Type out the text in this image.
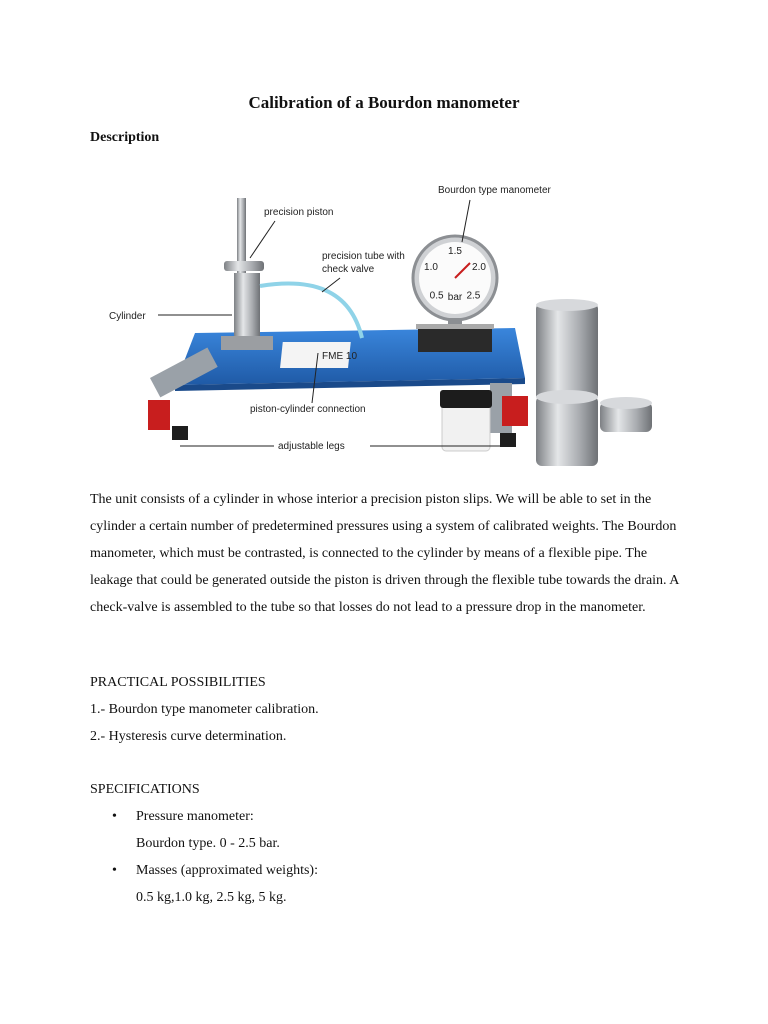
Calibration of a Bourdon manometer
Description
FME 10
0.5
1.0
1.5
2.0
2.5
bar
precision piston
Bourdon type manometer
precision tube with
check valve
Cylinder
piston-cylinder connection
adjustable legs

The unit consists of a cylinder in whose interior a precision piston slips. We will be able to set in the cylinder a certain number of predetermined pressures using a system of calibrated weights. The Bourdon manometer, which must be contrasted, is connected to the cylinder by means of a flexible pipe. The leakage that could be generated outside the piston is driven through the flexible tube towards the drain. A check-valve is assembled to the tube so that losses do not lead to a pressure drop in the manometer.

PRACTICAL POSSIBILITIES
1.- Bourdon type manometer calibration.
2.- Hysteresis curve determination.
SPECIFICATIONS
• Pressure manometer:
Bourdon type. 0 - 2.5 bar.
• Masses (approximated weights):
0.5 kg,1.0 kg, 2.5 kg, 5 kg.
